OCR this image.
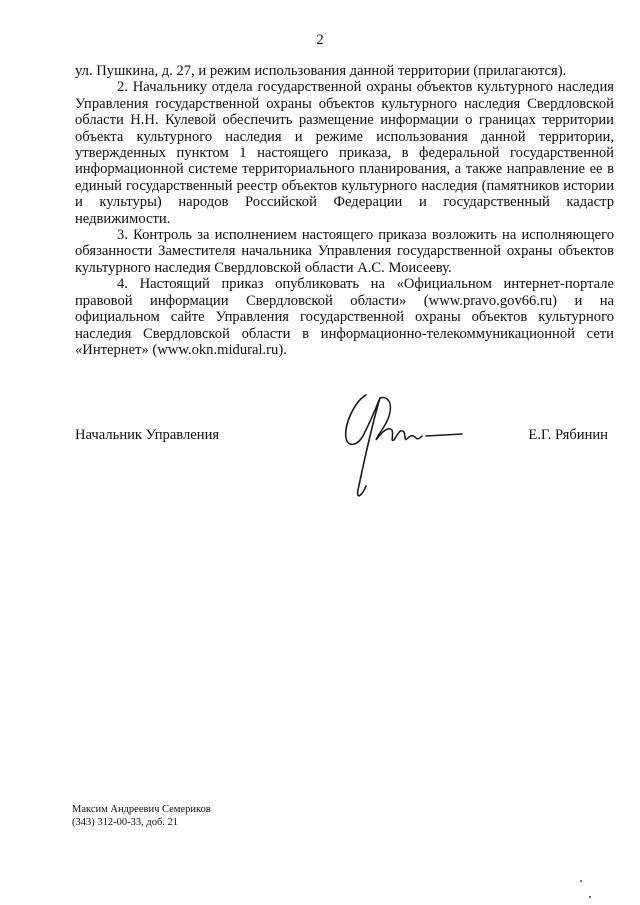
2

ул. Пушкина, д. 27, и режим использования данной территории (прилагаются).

2. Начальнику отдела государственной охраны объектов культурного наследия Управления государственной охраны объектов культурного наследия Свердловской области Н.Н. Кулевой обеспечить размещение информации о границах территории объекта культурного наследия и режиме использования данной территории, утвержденных пунктом 1 настоящего приказа, в федеральной государственной информационной системе территориального планирования, а также направление ее в единый государственный реестр объектов культурного наследия (памятников истории и культуры) народов Российской Федерации и государственный кадастр недвижимости.

3. Контроль за исполнением настоящего приказа возложить на исполняющего обязанности Заместителя начальника Управления государственной охраны объектов культурного наследия Свердловской области А.С. Моисееву.

4. Настоящий приказ опубликовать на «Официальном интернет-портале правовой информации Свердловской области» (www.pravo.gov66.ru) и на официальном сайте Управления государственной охраны объектов культурного наследия Свердловской области в информационно-телекоммуникационной сети «Интернет» (www.okn.midural.ru).

Начальник Управления	Е.Г. Рябинин
Максим Андреевич Семериков
(343) 312-00-33, доб. 21
